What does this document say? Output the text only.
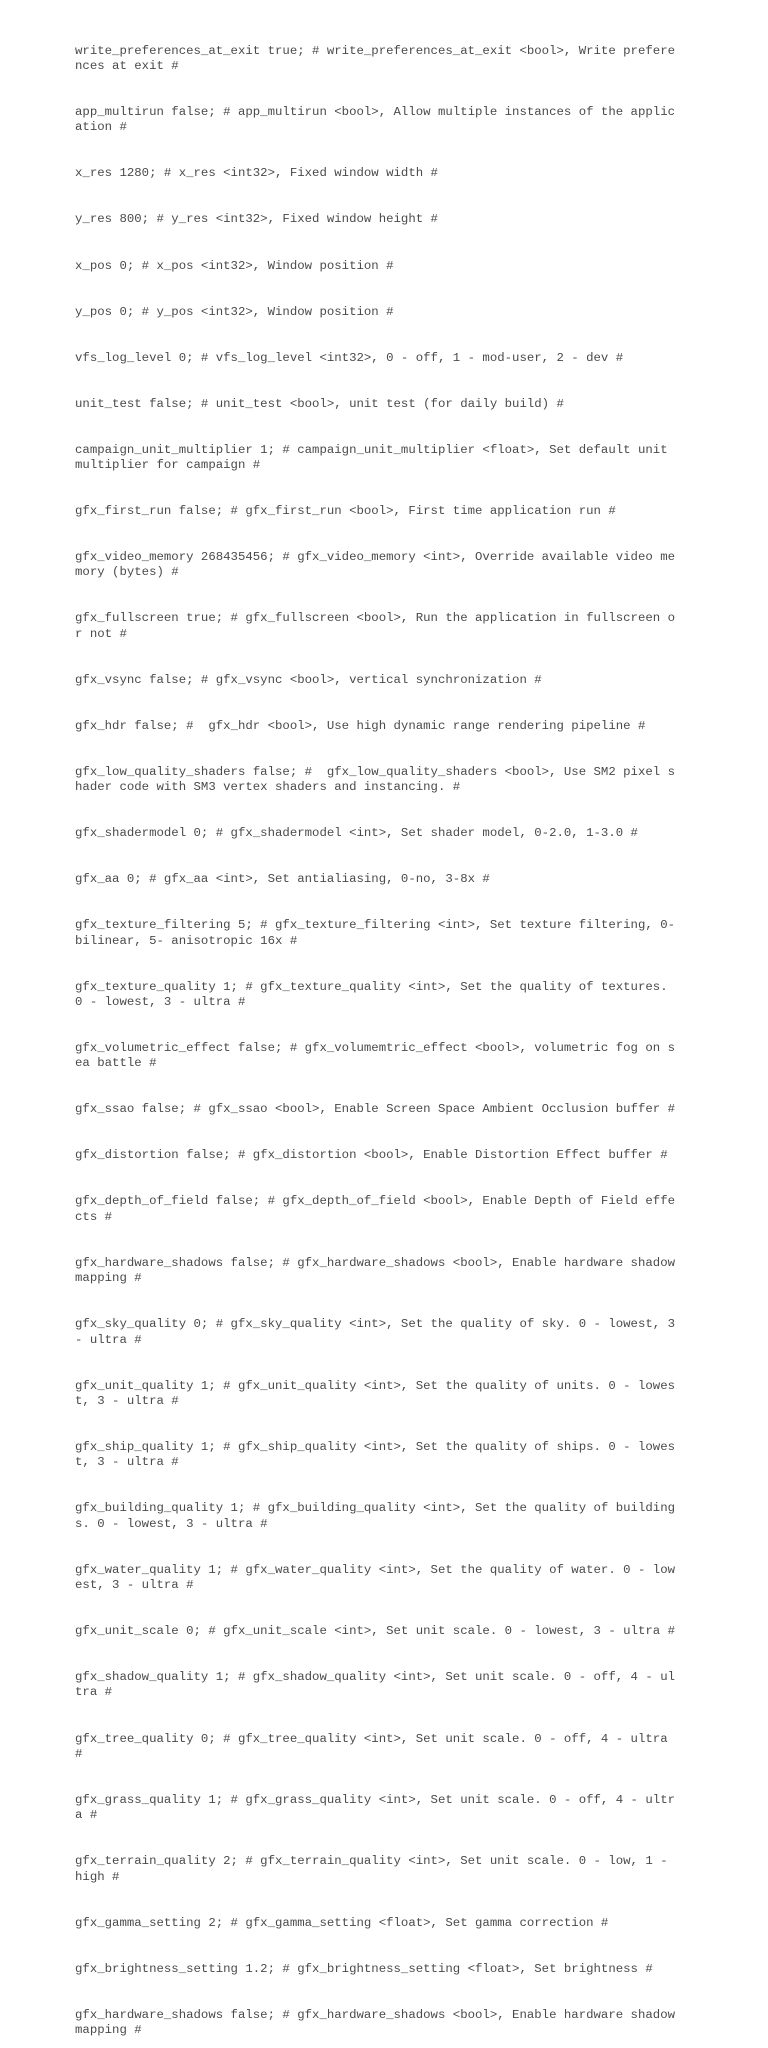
write_preferences_at_exit true; # write_preferences_at_exit <bool>, Write preferences at exit #

app_multirun false; # app_multirun <bool>, Allow multiple instances of the application #

x_res 1280; # x_res <int32>, Fixed window width #

y_res 800; # y_res <int32>, Fixed window height #

x_pos 0; # x_pos <int32>, Window position #

y_pos 0; # y_pos <int32>, Window position #

vfs_log_level 0; # vfs_log_level <int32>, 0 - off, 1 - mod-user, 2 - dev #

unit_test false; # unit_test <bool>, unit test (for daily build) #

campaign_unit_multiplier 1; # campaign_unit_multiplier <float>, Set default unit multiplier for campaign #

gfx_first_run false; # gfx_first_run <bool>, First time application run #

gfx_video_memory 268435456; # gfx_video_memory <int>, Override available video memory (bytes) #

gfx_fullscreen true; # gfx_fullscreen <bool>, Run the application in fullscreen or not #

gfx_vsync false; # gfx_vsync <bool>, vertical synchronization #

gfx_hdr false; #  gfx_hdr <bool>, Use high dynamic range rendering pipeline #

gfx_low_quality_shaders false; #  gfx_low_quality_shaders <bool>, Use SM2 pixel shader code with SM3 vertex shaders and instancing. #

gfx_shadermodel 0; # gfx_shadermodel <int>, Set shader model, 0-2.0, 1-3.0 #

gfx_aa 0; # gfx_aa <int>, Set antialiasing, 0-no, 3-8x #

gfx_texture_filtering 5; # gfx_texture_filtering <int>, Set texture filtering, 0-bilinear, 5- anisotropic 16x #

gfx_texture_quality 1; # gfx_texture_quality <int>, Set the quality of textures. 0 - lowest, 3 - ultra #

gfx_volumetric_effect false; # gfx_volumemtric_effect <bool>, volumetric fog on sea battle #

gfx_ssao false; # gfx_ssao <bool>, Enable Screen Space Ambient Occlusion buffer #

gfx_distortion false; # gfx_distortion <bool>, Enable Distortion Effect buffer #

gfx_depth_of_field false; # gfx_depth_of_field <bool>, Enable Depth of Field effects #

gfx_hardware_shadows false; # gfx_hardware_shadows <bool>, Enable hardware shadow mapping #

gfx_sky_quality 0; # gfx_sky_quality <int>, Set the quality of sky. 0 - lowest, 3 - ultra #

gfx_unit_quality 1; # gfx_unit_quality <int>, Set the quality of units. 0 - lowest, 3 - ultra #

gfx_ship_quality 1; # gfx_ship_quality <int>, Set the quality of ships. 0 - lowest, 3 - ultra #

gfx_building_quality 1; # gfx_building_quality <int>, Set the quality of buildings. 0 - lowest, 3 - ultra #

gfx_water_quality 1; # gfx_water_quality <int>, Set the quality of water. 0 - lowest, 3 - ultra #

gfx_unit_scale 0; # gfx_unit_scale <int>, Set unit scale. 0 - lowest, 3 - ultra #

gfx_shadow_quality 1; # gfx_shadow_quality <int>, Set unit scale. 0 - off, 4 - ultra #

gfx_tree_quality 0; # gfx_tree_quality <int>, Set unit scale. 0 - off, 4 - ultra #

gfx_grass_quality 1; # gfx_grass_quality <int>, Set unit scale. 0 - off, 4 - ultra #

gfx_terrain_quality 2; # gfx_terrain_quality <int>, Set unit scale. 0 - low, 1 - high #

gfx_gamma_setting 2; # gfx_gamma_setting <float>, Set gamma correction #

gfx_brightness_setting 1.2; # gfx_brightness_setting <float>, Set brightness #

gfx_hardware_shadows false; # gfx_hardware_shadows <bool>, Enable hardware shadow mapping #
